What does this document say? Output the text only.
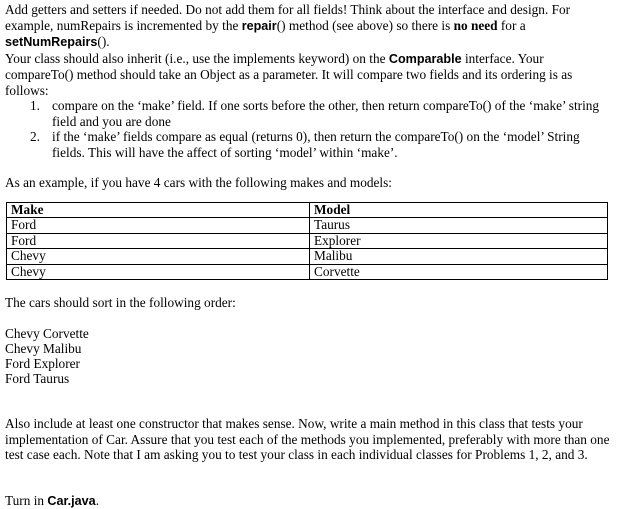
Add getters and setters if needed. Do not add them for all fields! Think about the interface and design. For example, numRepairs is incremented by the repair() method (see above) so there is no need for a setNumRepairs().

Your class should also inherit (i.e., use the implements keyword) on the Comparable interface. Your compareTo() method should take an Object as a parameter. It will compare two fields and its ordering is as follows:

1. compare on the ‘make’ field. If one sorts before the other, then return compareTo() of the ‘make’ string field and you are done
2. if the ‘make’ fields compare as equal (returns 0), then return the compareTo() on the ‘model’ String fields. This will have the affect of sorting ‘model’ within ‘make’.

As an example, if you have 4 cars with the following makes and models:

Make	Model
Ford	Taurus
Ford	Explorer
Chevy	Malibu
Chevy	Corvette

The cars should sort in the following order:

Chevy Corvette

Chevy Malibu

Ford Explorer

Ford Taurus

Also include at least one constructor that makes sense. Now, write a main method in this class that tests your implementation of Car. Assure that you test each of the methods you implemented, preferably with more than one test case each. Note that I am asking you to test your class in each individual classes for Problems 1, 2, and 3.

Turn in Car.java.
